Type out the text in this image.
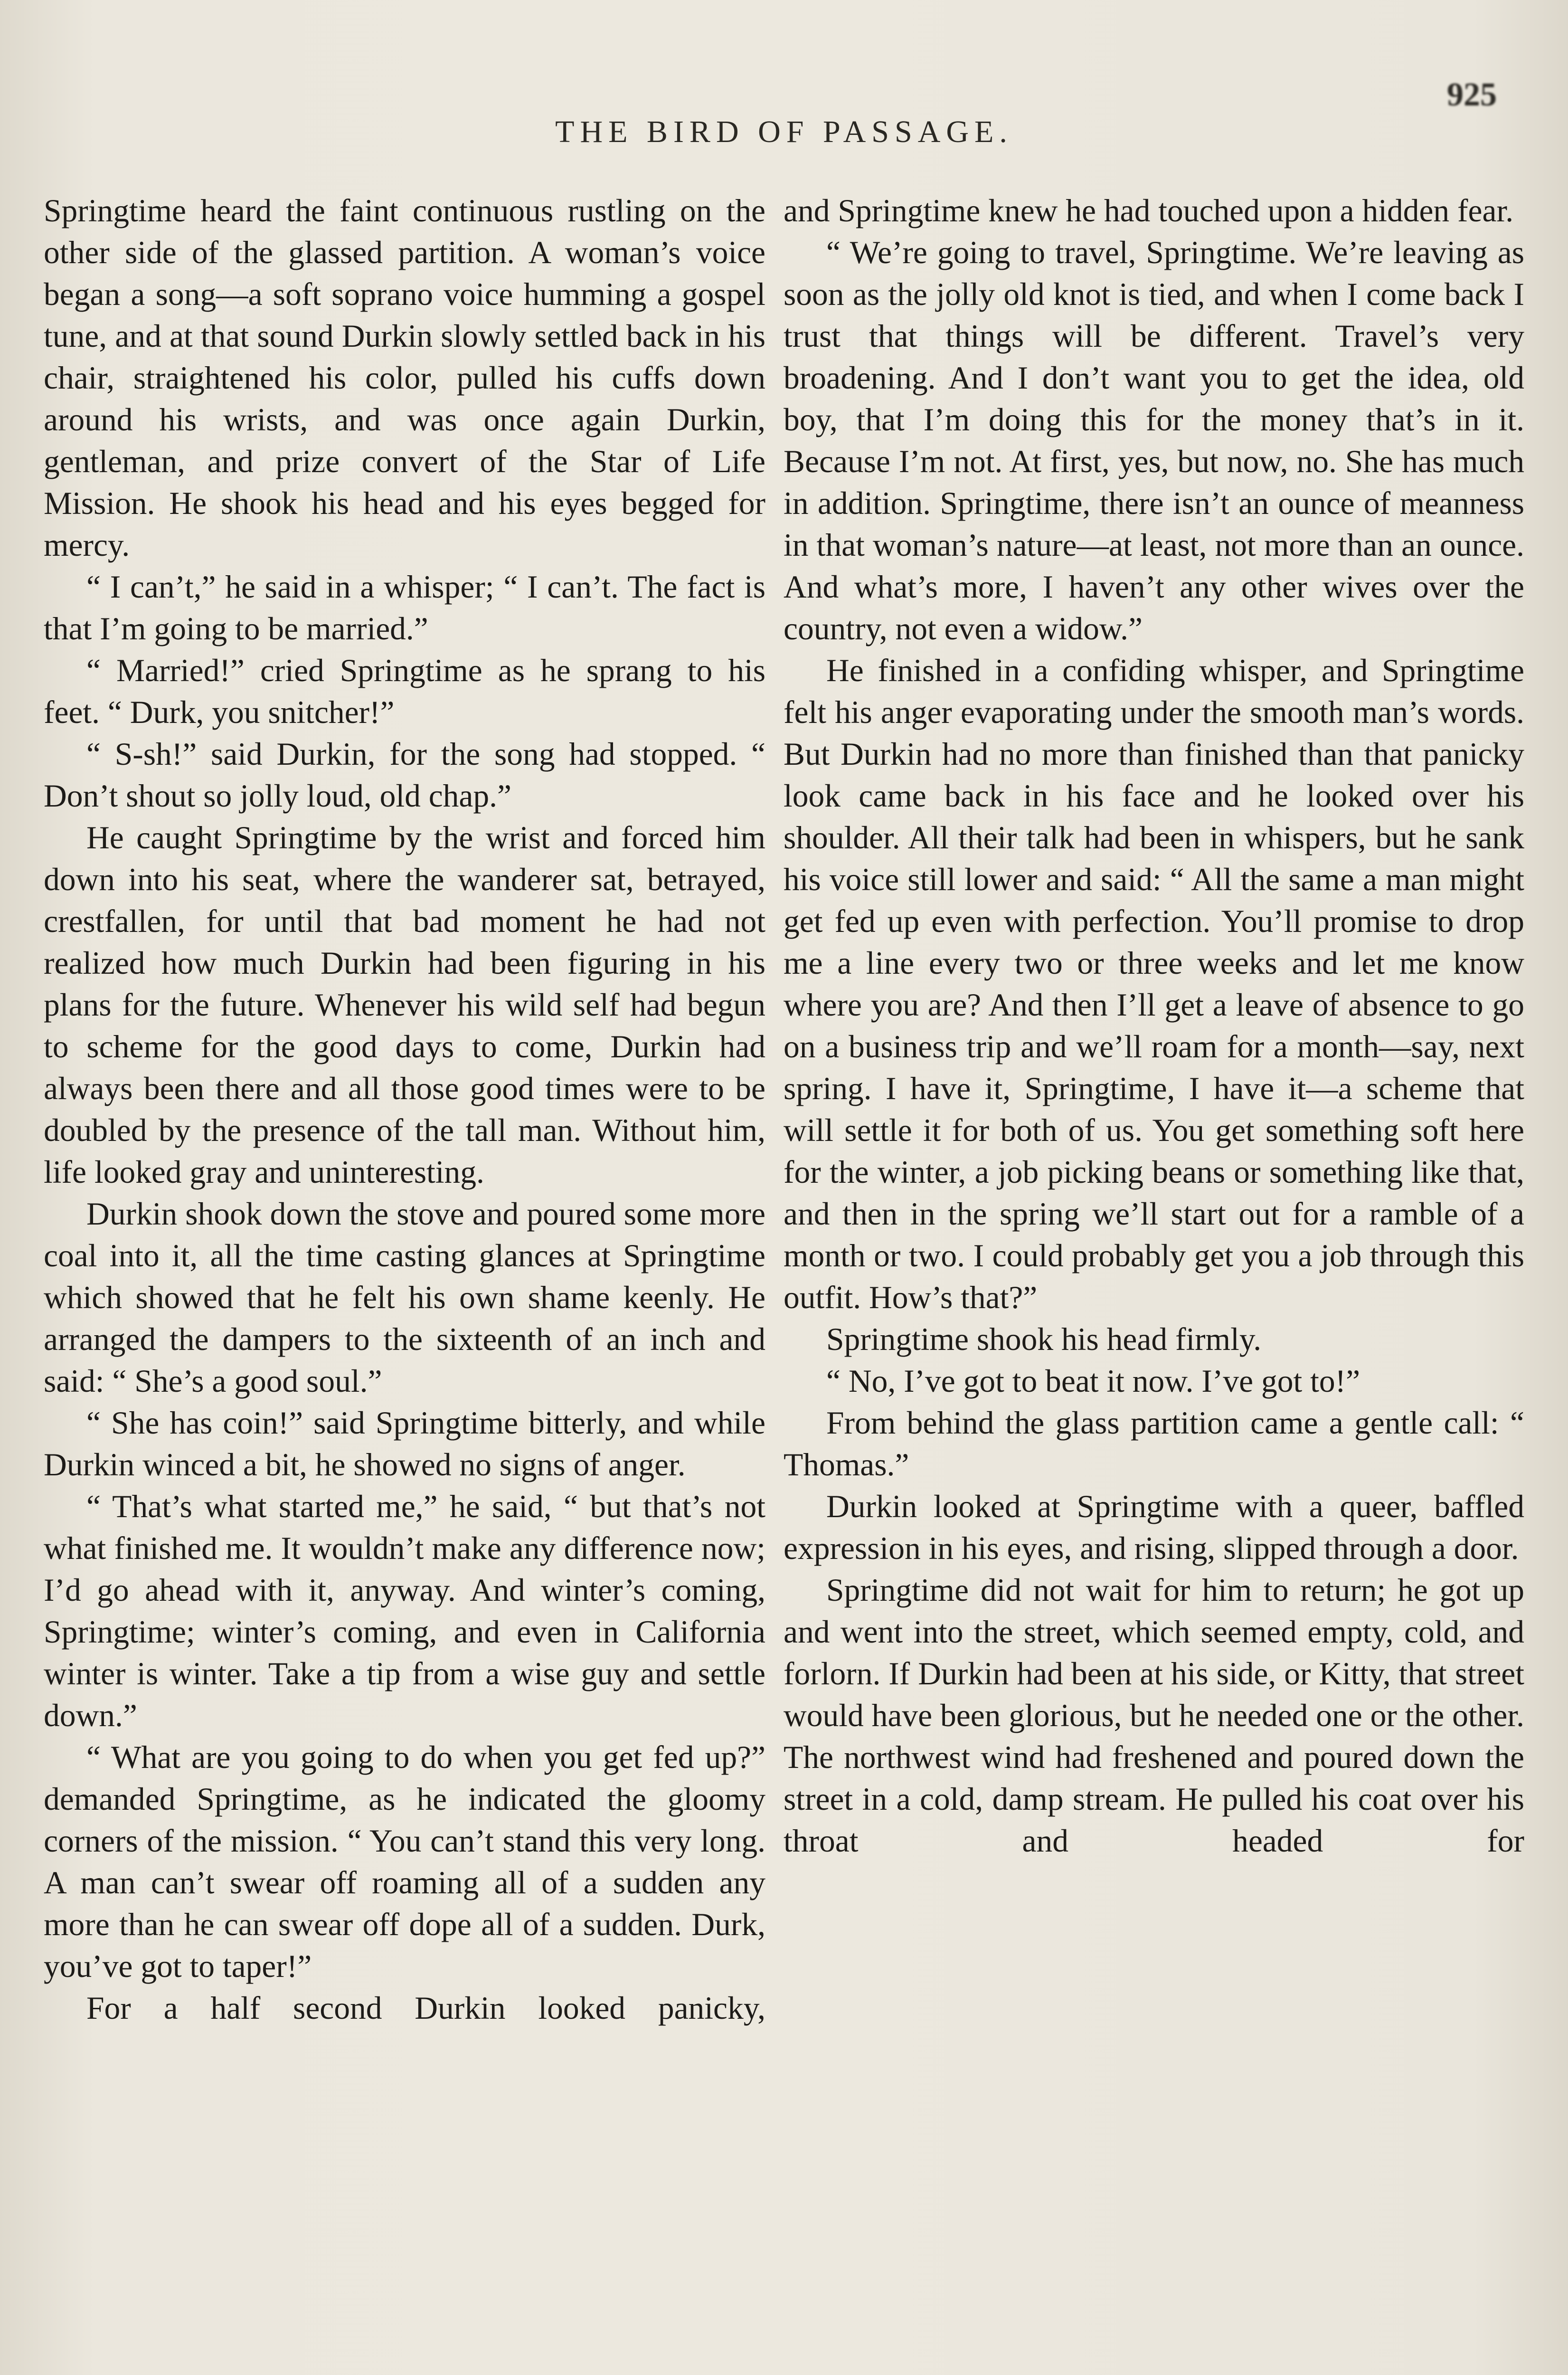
925
THE BIRD OF PASSAGE.

Springtime heard the faint continuous rustling on the other side of the glassed partition. A woman’s voice began a song—a soft soprano voice humming a gospel tune, and at that sound Durkin slowly settled back in his chair, straightened his color, pulled his cuffs down around his wrists, and was once again Durkin, gentleman, and prize convert of the Star of Life Mission. He shook his head and his eyes begged for mercy.

“ I can’t,” he said in a whisper; “ I can’t. The fact is that I’m going to be married.”

“ Married!” cried Springtime as he sprang to his feet. “ Durk, you snitcher!”

“ S-sh!” said Durkin, for the song had stopped. “ Don’t shout so jolly loud, old chap.”

He caught Springtime by the wrist and forced him down into his seat, where the wanderer sat, betrayed, crestfallen, for until that bad moment he had not realized how much Durkin had been figuring in his plans for the future. Whenever his wild self had begun to scheme for the good days to come, Durkin had always been there and all those good times were to be doubled by the presence of the tall man. Without him, life looked gray and uninteresting.

Durkin shook down the stove and poured some more coal into it, all the time casting glances at Springtime which showed that he felt his own shame keenly. He arranged the dampers to the sixteenth of an inch and said: “ She’s a good soul.”

“ She has coin!” said Springtime bitterly, and while Durkin winced a bit, he showed no signs of anger.

“ That’s what started me,” he said, “ but that’s not what finished me. It wouldn’t make any difference now; I’d go ahead with it, anyway. And winter’s coming, Springtime; winter’s coming, and even in California winter is winter. Take a tip from a wise guy and settle down.”

“ What are you going to do when you get fed up?” demanded Springtime, as he indicated the gloomy corners of the mission. “ You can’t stand this very long. A man can’t swear off roaming all of a sudden any more than he can swear off dope all of a sudden. Durk, you’ve got to taper!”

For a half second Durkin looked panicky,

and Springtime knew he had touched upon a hidden fear.

“ We’re going to travel, Springtime. We’re leaving as soon as the jolly old knot is tied, and when I come back I trust that things will be different. Travel’s very broadening. And I don’t want you to get the idea, old boy, that I’m doing this for the money that’s in it. Because I’m not. At first, yes, but now, no. She has much in addition. Springtime, there isn’t an ounce of meanness in that woman’s nature—at least, not more than an ounce. And what’s more, I haven’t any other wives over the country, not even a widow.”

He finished in a confiding whisper, and Springtime felt his anger evaporating under the smooth man’s words. But Durkin had no more than finished than that panicky look came back in his face and he looked over his shoulder. All their talk had been in whispers, but he sank his voice still lower and said: “ All the same a man might get fed up even with perfection. You’ll promise to drop me a line every two or three weeks and let me know where you are? And then I’ll get a leave of absence to go on a business trip and we’ll roam for a month—say, next spring. I have it, Springtime, I have it—a scheme that will settle it for both of us. You get something soft here for the winter, a job picking beans or something like that, and then in the spring we’ll start out for a ramble of a month or two. I could probably get you a job through this outfit. How’s that?”

Springtime shook his head firmly.

“ No, I’ve got to beat it now. I’ve got to!”

From behind the glass partition came a gentle call: “ Thomas.”

Durkin looked at Springtime with a queer, baffled expression in his eyes, and rising, slipped through a door.

Springtime did not wait for him to return; he got up and went into the street, which seemed empty, cold, and forlorn. If Durkin had been at his side, or Kitty, that street would have been glorious, but he needed one or the other. The northwest wind had freshened and poured down the street in a cold, damp stream. He pulled his coat over his throat and headed for
